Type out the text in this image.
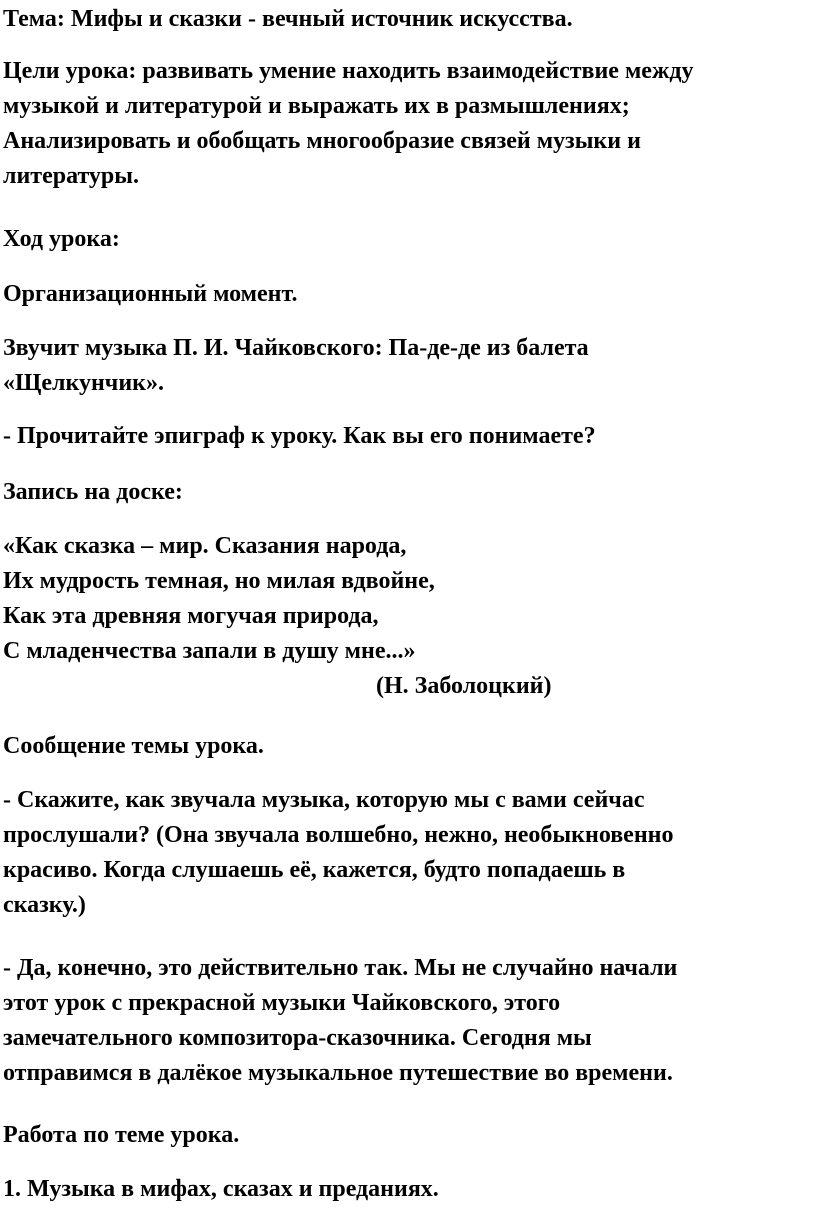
Тема: Мифы и сказки - вечный источник искусства.
Цели урока: развивать умение находить взаимодействие между
музыкой и литературой и выражать их в размышлениях;
Анализировать и обобщать многообразие связей музыки и
литературы.
Ход урока:
Организационный момент.
Звучит музыка П. И. Чайковского: Па-де-де из балета
«Щелкунчик».
- Прочитайте эпиграф к уроку. Как вы его понимаете?
Запись на доске:
«Как сказка – мир. Сказания народа,
Их мудрость темная, но милая вдвойне,
Как эта древняя могучая природа,
С младенчества запали в душу мне...»
(Н. Заболоцкий)
Сообщение темы урока.
- Скажите, как звучала музыка, которую мы с вами сейчас
прослушали? (Она звучала волшебно, нежно, необыкновенно
красиво. Когда слушаешь её, кажется, будто попадаешь в
сказку.)
- Да, конечно, это действительно так. Мы не случайно начали
этот урок с прекрасной музыки Чайковского, этого
замечательного композитора-сказочника. Сегодня мы
отправимся в далёкое музыкальное путешествие во времени.
Работа по теме урока.
1. Музыка в мифах, сказах и преданиях.
